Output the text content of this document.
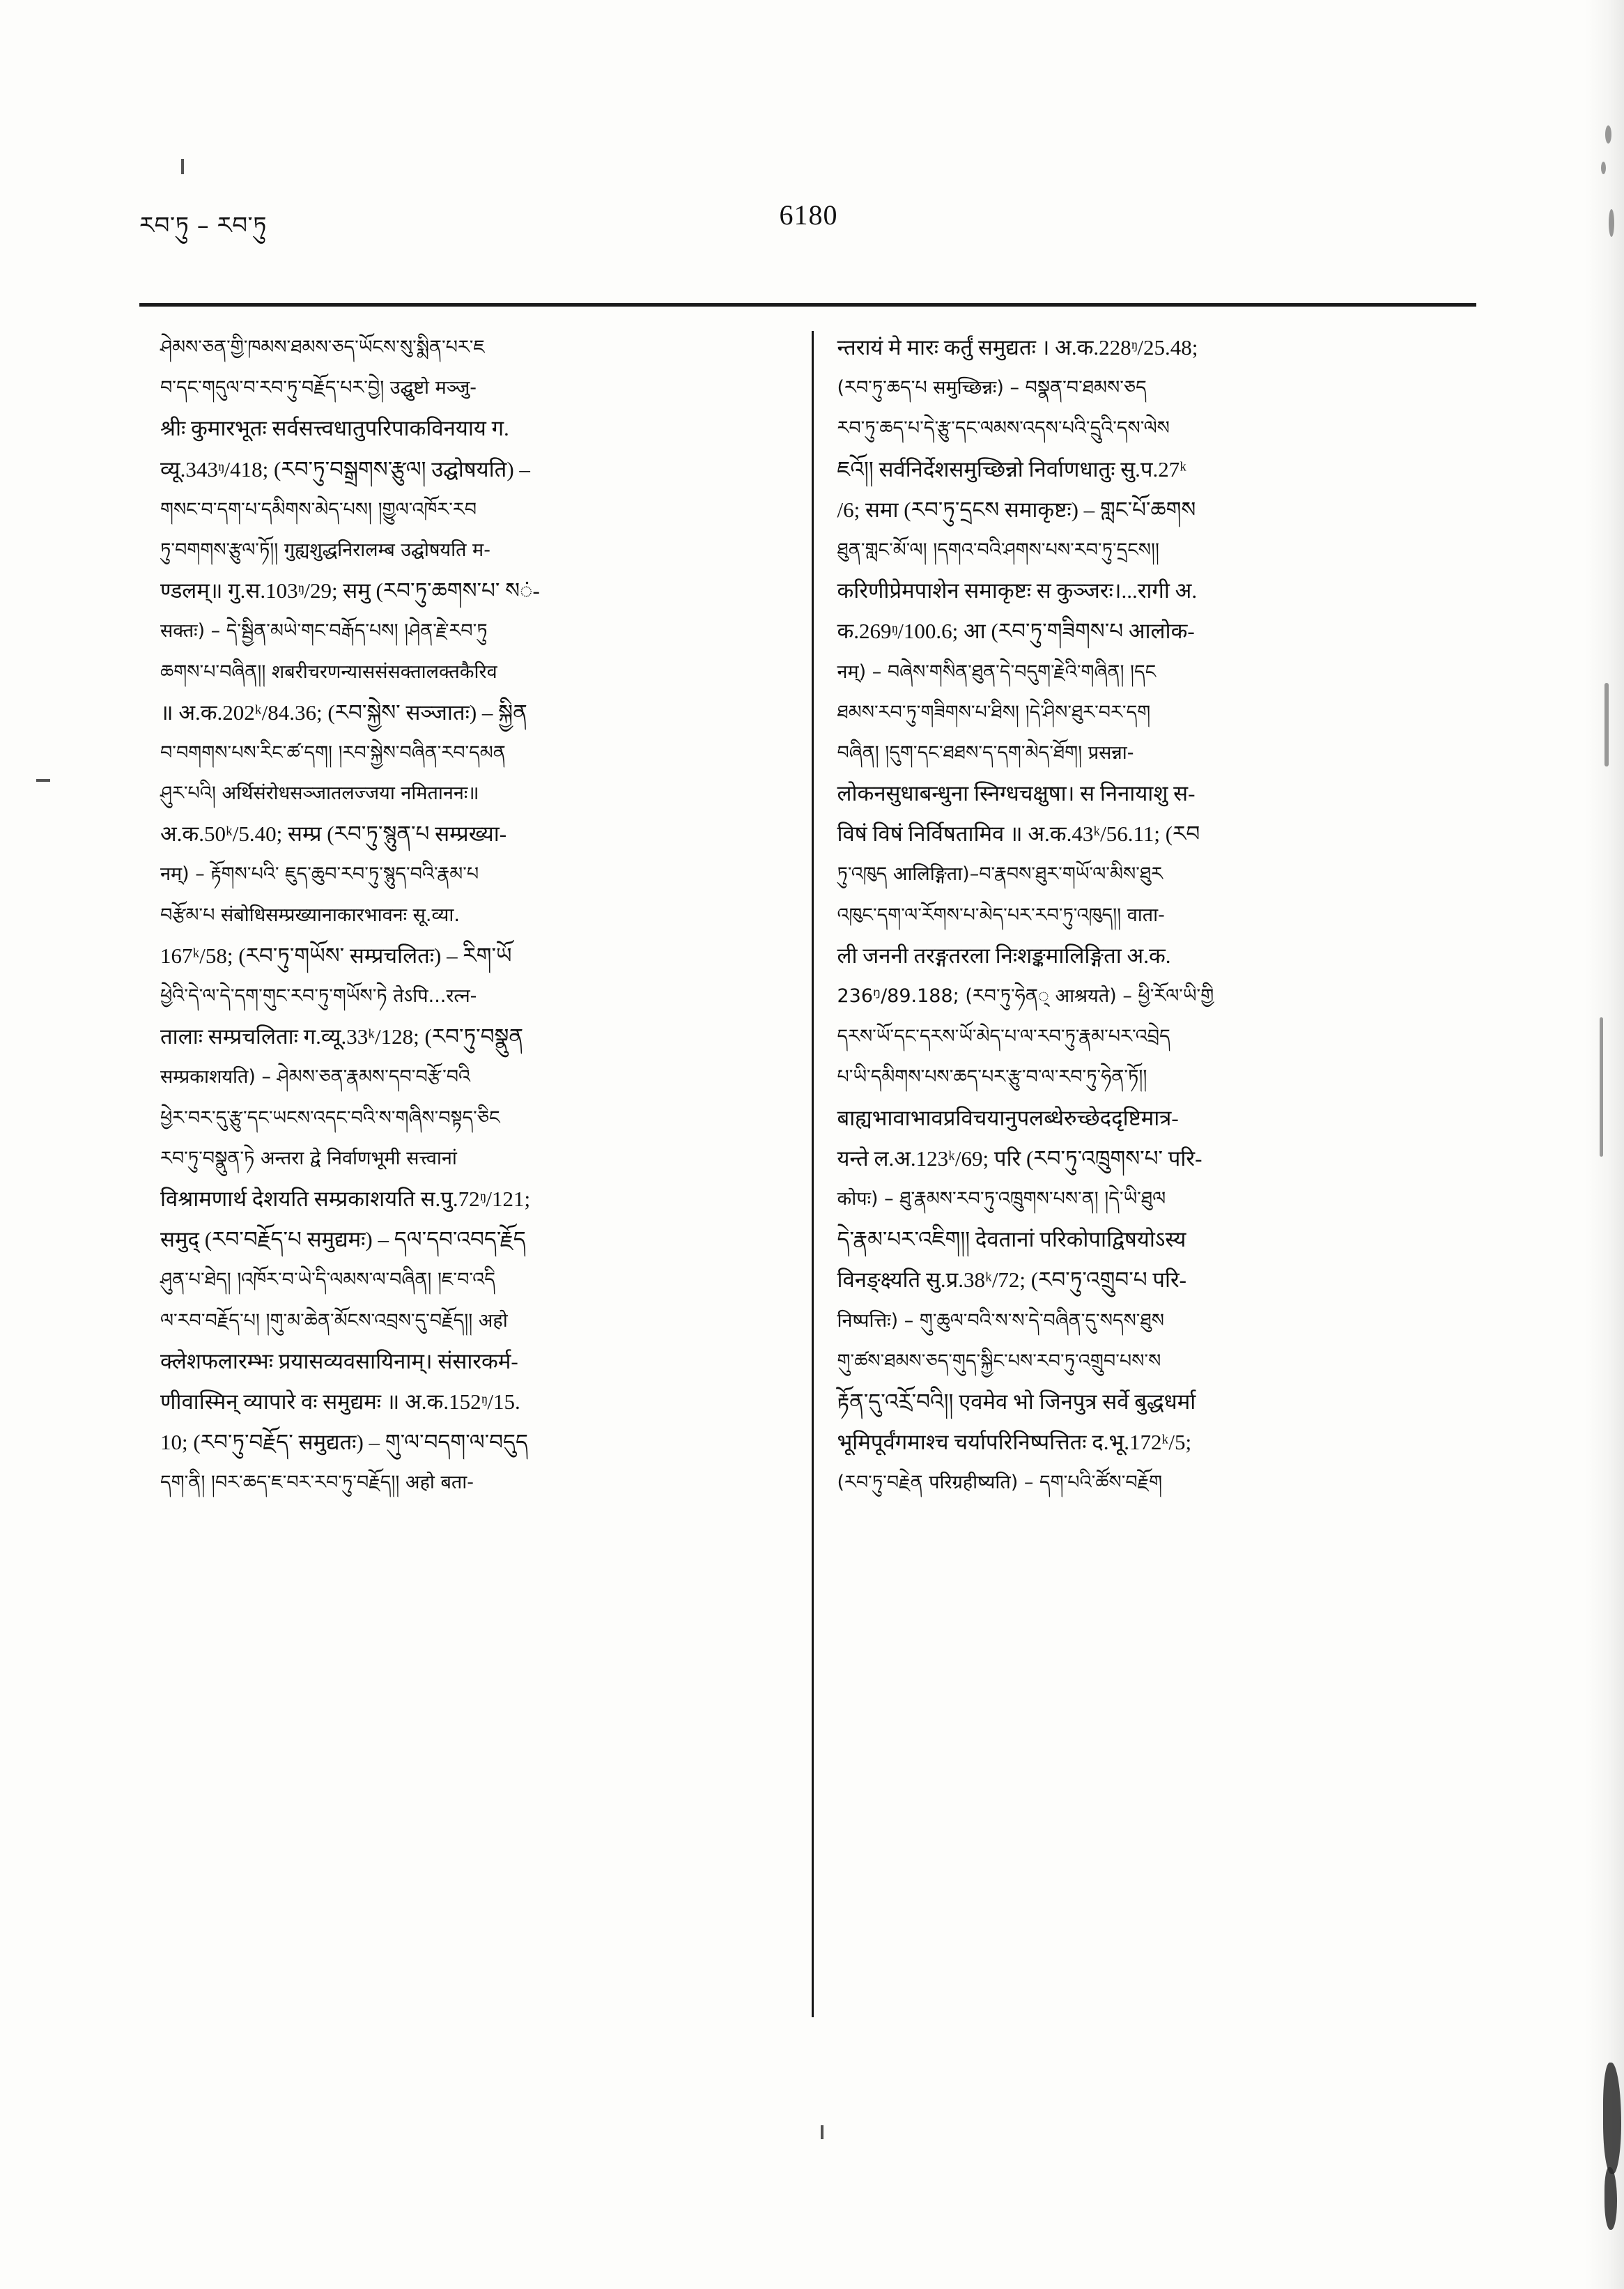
རབ་ཏུ – རབ་ཏུ	6180
ཤེམས་ཅན་གྱི་ཁམས་ཐམས་ཅད་ཡོངས་སུ་སྨིན་པར་ཇ
བ་དང་གདུལ་བ་རབ་ཏུ་བརྗོད་པར་བྱེ། उद्घुष्टो मञ्जु-
श्रीः कुमारभूतः सर्वसत्त्वधातुपरिपाकविनयाय ग.
व्यू.343ᵑ/418; (རབ་ཏུ་བསྒྲགས་རྩུལ། उद्घोषयति) –
གསང་བ་དག་པ་དམིགས་མེད་པས། །གྱུལ་འཁོར་རབ
ཏུ་བགགས་རྩུལ་ཏོ།། गुह्यशुद्धनिरालम्ब उद्घोषयति म-
ण्डलम्॥ गु.स.103ᵑ/29; समु (རབ་ཏུ་ཆགས་པ་ སं-
सक्तः) – དེ་སྦྱིན་མཡེ་གང་བརྒོད་པས། །ཤེན་རྗེ་རབ་ཏུ
ཆགས་པ་བཞིན།། शबरीचरणन्याससंसक्तालक्तकैरिव
॥ अ.क.202ᵏ/84.36; (རབ་སྐྱེས་ सञ्जातः) – སྐྱིན
བ་བགགས་པས་རིང་ཚ་དག། །རབ་སྐྱེས་བཞིན་རབ་དམན
ཤུར་པའི། अर्थिसंरोधसञ्जातलज्जया नमिताननः॥
अ.क.50ᵏ/5.40; सम्प्र (རབ་ཏུ་སྙུན་པ सम्प्रख्या-
नम्) – རྟོགས་པའི་ ཇུད་ཆུབ་རབ་ཏུ་སྙུད་བའི་རྣམ་པ
བརྩོམ་པ संबोधिसम्प्रख्यानाकारभावनः सू.व्या.
167ᵏ/58; (རབ་ཏུ་གཡོས་ सम्प्रचलितः) – རིག་ཡོ
ཕྱེའི་དེ་ལ་དེ་དག་གུང་རབ་ཏུ་གཡོས་ཏེ तेऽपि...रत्न-
तालाः सम्प्रचलिताः ग.व्यू.33ᵏ/128; (རབ་ཏུ་བསྣུན
सम्प्रकाशयति) – ཤེམས་ཅན་རྣམས་དབ་བརྩོ་བའི
ཕྱེར་བར་དུ་རྩུ་དང་ཡངས་འདང་བའི་ས་གཞིས་བསྟད་ཅིང
རབ་ཏུ་བསྣུན་ཏེ अन्तरा द्वे निर्वाणभूमी सत्त्वानां
विश्रामणार्थ देशयति सम्प्रकाशयति स.पु.72ᵑ/121;
समुद् (རབ་བརྗོད་པ समुद्यमः) – དལ་དབ་འབད་རྗོད
ཤུན་པ་ཐེད། །འཁོར་བ་ཡེ་དི་ལམས་ལ་བཞིན། །ཇ་བ་འདི
ལ་རབ་བརྗོད་པ། །གུ་མ་ཆེན་མོངས་འབྲས་དུ་བརྗོད།། अहो
क्लेशफलारम्भः प्रयासव्यवसायिनाम्। संसारकर्म-
णीवास्मिन् व्यापारे वः समुद्यमः ॥ अ.क.152ᵑ/15.
10; (རབ་ཏུ་བརྗོད་ समुद्यतः) – གུ་ལ་བདག་ལ་བདུད
དག་ནི། །བར་ཆད་ཇ་བར་རབ་ཏུ་བརྗོད།། अहो बता-
न्तरायं मे मारः कर्तुं समुद्यतः । अ.क.228ᵑ/25.48;
(རབ་ཏུ་ཆད་པ समुच्छिन्नः) – བསྣན་བ་ཐམས་ཅད
རབ་ཏུ་ཆད་པ་དེ་རྩུ་དང་ལམས་འདས་པའི་དྲུའི་དས་ལེས
ཇའོ།། सर्वनिर्देशसमुच्छिन्नो निर्वाणधातुः सु.प.27ᵏ
/6; समा (རབ་ཏུ་དྲངས समाकृष्टः) – གླང་པོ་ཆགས
ཐུན་གླང་མོ་ལ། །དགའ་བའི་ཤགས་པས་རབ་ཏུ་དྲངས།།
करिणीप्रेमपाशेन समाकृष्टः स कुञ्जरः।...रागी अ.
क.269ᵑ/100.6; आ (རབ་ཏུ་གཟིགས་པ आलोक-
नम्) – བཞེས་གསིན་ཐུན་དེ་བདུག་རྗེའི་གཞིན། །དང
ཐམས་རབ་ཏུ་གཟིགས་པ་ཐིས། །དེ་ཤིས་ཐུར་བར་དག
བཞིན། །དུག་དང་ཐཐས་ད་དག་མེད་ཐོག། प्रसन्ना-
लोकनसुधाबन्धुना स्निग्धचक्षुषा। स निनायाशु स-
विषं विषं निर्विषतामिव ॥ अ.क.43ᵏ/56.11; (རབ
ཏུ་འཁུད आलिङ्गिता)–བ་རྣབས་ཐུར་གཡོ་ལ་མིས་ཐུར
འཁུང་དག་ལ་རོགས་པ་མེད་པར་རབ་ཏུ་འཁུད།། वाता-
ली जननी तरङ्गतरला निःशङ्कमालिङ्गिता अ.क.
236ᵑ/89.188; (རབ་ཏུ་ཧེན् आश्रयते) – ཕྱི་རོལ་ཡི་གྱི
དརས་ཡོ་དང་དརས་ཡོ་མེད་པ་ལ་རབ་ཏུ་རྣམ་པར་འབྲེད
པ་ཡི་དམིགས་པས་ཆད་པར་རྩུ་བ་ལ་རབ་ཏུ་ཧེན་ཏོ།།
बाह्यभावाभावप्रविचयानुपलब्धेरुच्छेददृष्टिमात्र-
यन्ते ल.अ.123ᵏ/69; परि (རབ་ཏུ་འཁྲུགས་པ་ परि-
कोपः) – ཐུ་རྣམས་རབ་ཏུ་འཁྲུགས་པས་ན། །དེ་ཡི་ཐུལ
དེ་རྣམ་པར་འཇིག།། देवतानां परिकोपाद्विषयोऽस्य
विनङ्क्ष्यति सु.प्र.38ᵏ/72; (རབ་ཏུ་འགྲུབ་པ परि-
निष्पत्तिः) – གུ་ཆུལ་བའི་ས་ས་དེ་བཞིན་དུ་སདས་ཐུས
གུ་ཚས་ཐམས་ཅད་གུད་སྐྱིང་པས་རབ་ཏུ་འགྲུབ་པས་ས
རྟོན་དུ་འརྲོ་བའི།། एवमेव भो जिनपुत्र सर्वे बुद्धधर्मा
भूमिपूर्वंगमाश्च चर्यापरिनिष्पत्तितः द.भू.172ᵏ/5;
(རབ་ཏུ་བརྗེན परिग्रहीष्यति) – དག་པའི་ཚོས་བརྗོག
